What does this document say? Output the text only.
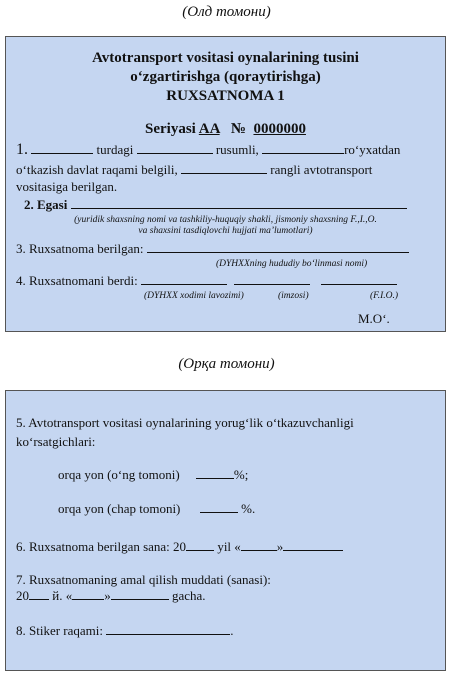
(Олд томони)
Avtotransport vositasi oynalarining tusini
o‘zgartirishga (qoraytirishga)
RUXSATNOMA 1
Seriyasi AA № 0000000
1.	turdagi	rusumli,	ro‘yxatdan
o‘tkazish davlat raqami belgili,	rangli avtotransport
vositasiga berilgan.
2. Egasi
(yuridik shaxsning nomi va tashkiliy-huquqiy shakli, jismoniy shaxsning F.,I.,O.
va shaxsini tasdiqlovchi hujjati ma’lumotlari)
3. Ruxsatnoma berilgan:
(DYHXXning hududiy bo‘linmasi nomi)
4. Ruxsatnomani berdi:
(DYHXX xodimi lavozimi)	(imzosi)	(F.I.O.)
M.O‘.
(Орқа томони)
5. Avtotransport vositasi oynalarining yorug‘lik o‘tkazuvchanligi
ko‘rsatgichlari:
orqa yon (o‘ng tomoni)	%;
orqa yon (chap tomoni)	%.
6. Ruxsatnoma berilgan sana: 20 yil «	»
7. Ruxsatnomaning amal qilish muddati (sanasi):
20 й. « »	gacha.
8. Stiker raqami:	.
